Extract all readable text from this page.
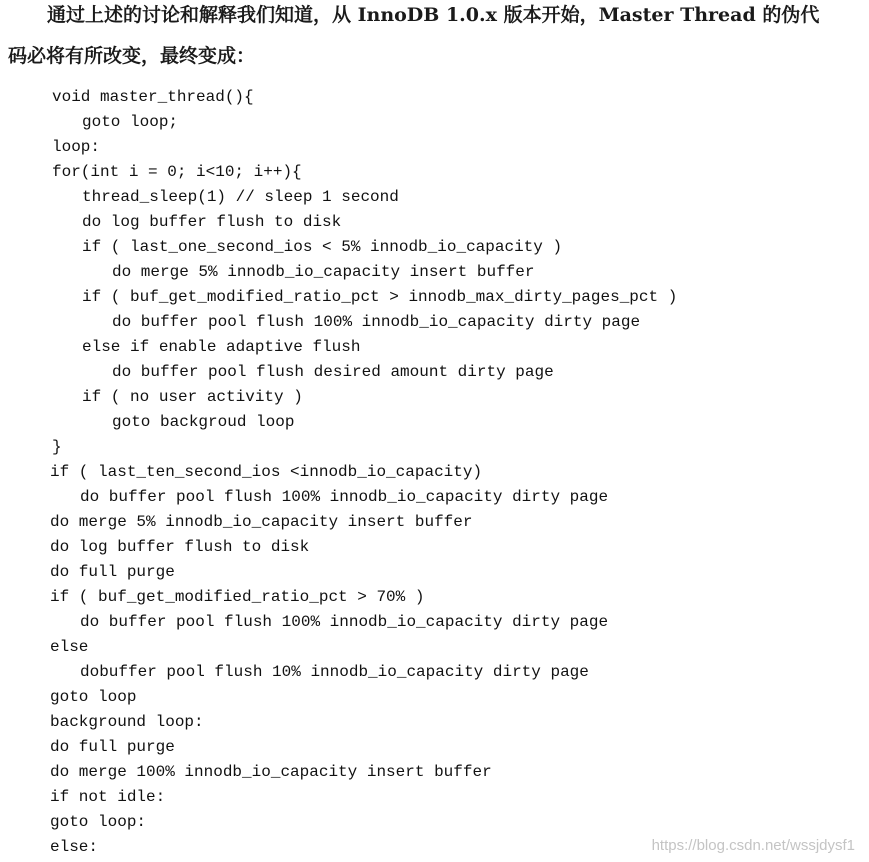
通过上述的讨论和解释我们知道，从 InnoDB 1.0.x 版本开始，Master Thread 的伪代
码必将有所改变，最终变成：
void master_thread(){
goto loop;
loop:
for(int i = 0; i<10; i++){
thread_sleep(1) // sleep 1 second
do log buffer flush to disk
if ( last_one_second_ios < 5% innodb_io_capacity )
do merge 5% innodb_io_capacity insert buffer
if ( buf_get_modified_ratio_pct > innodb_max_dirty_pages_pct )
do buffer pool flush 100% innodb_io_capacity dirty page
else if enable adaptive flush
do buffer pool flush desired amount dirty page
if ( no user activity )
goto backgroud loop
}
if ( last_ten_second_ios <innodb_io_capacity)
do buffer pool flush 100% innodb_io_capacity dirty page
do merge 5% innodb_io_capacity insert buffer
do log buffer flush to disk
do full purge
if ( buf_get_modified_ratio_pct > 70% )
do buffer pool flush 100% innodb_io_capacity dirty page
else
dobuffer pool flush 10% innodb_io_capacity dirty page
goto loop
background loop:
do full purge
do merge 100% innodb_io_capacity insert buffer
if not idle:
goto loop:
else:	https://blog.csdn.net/wssjdysf1
